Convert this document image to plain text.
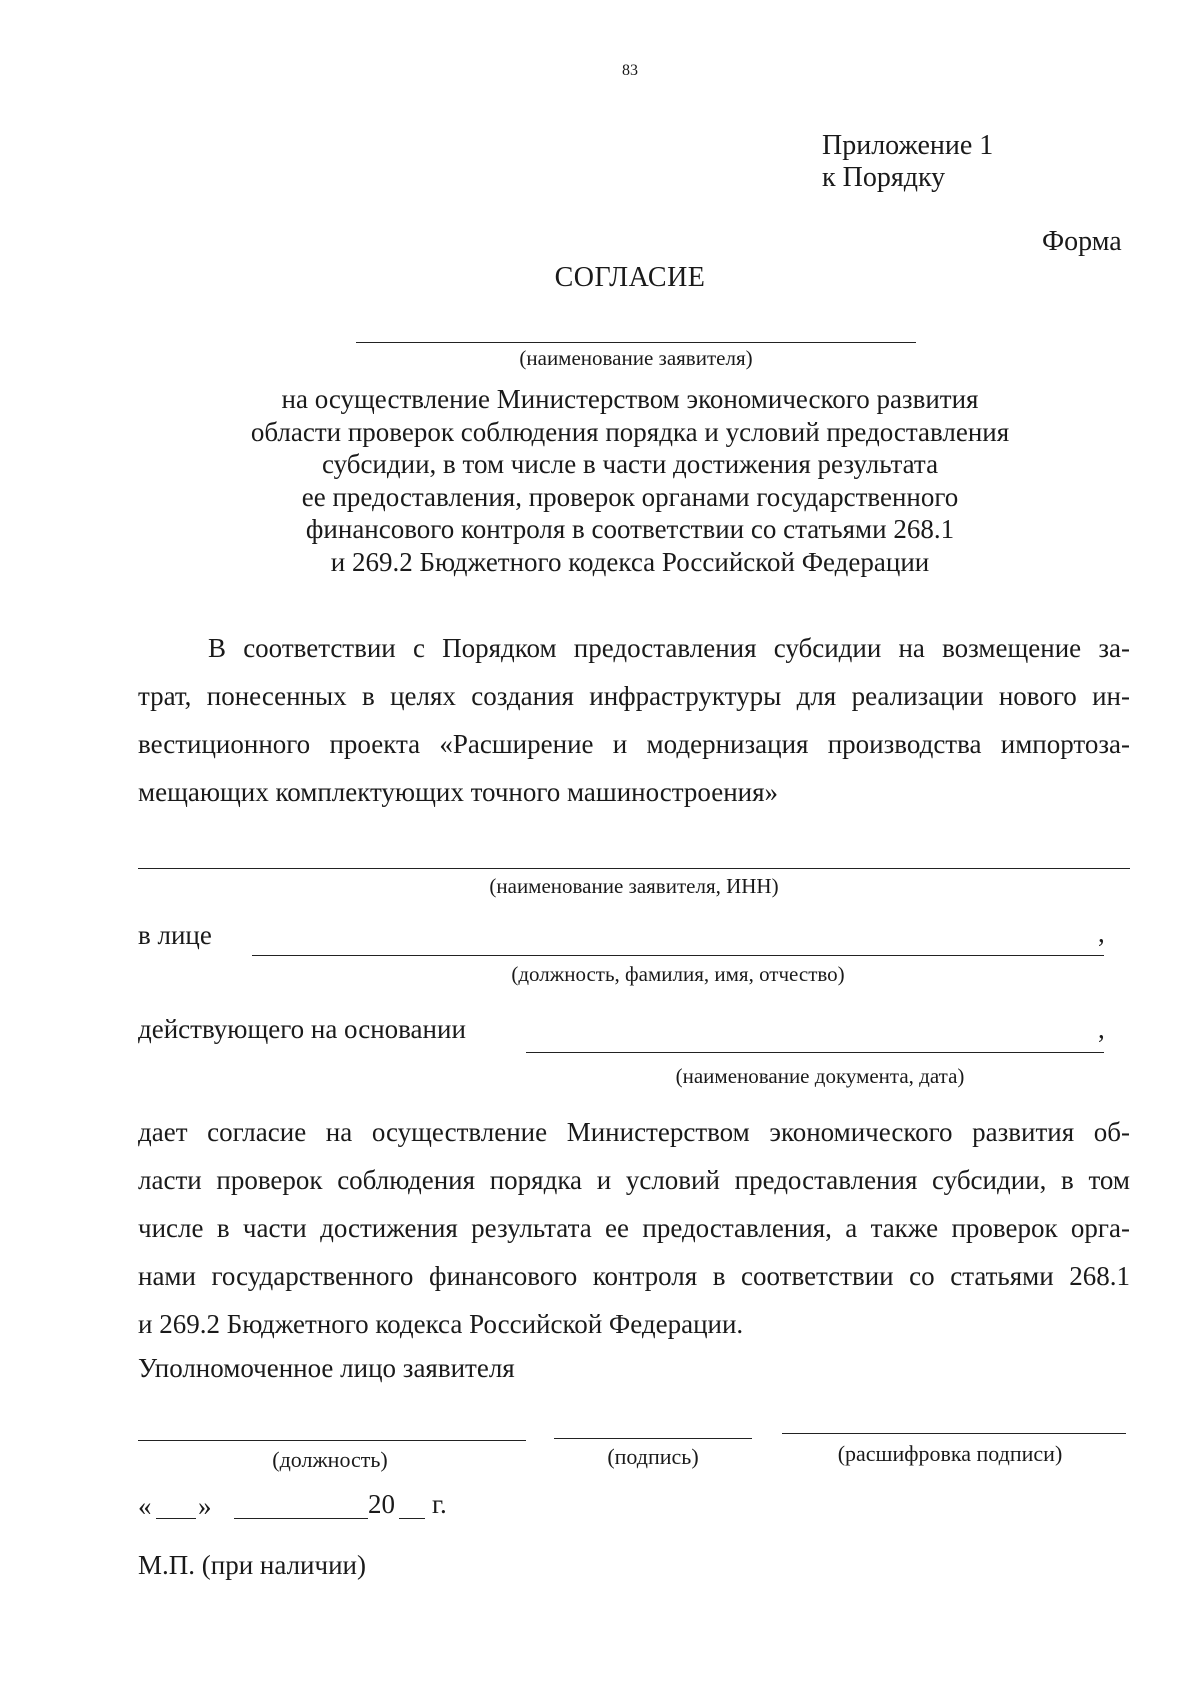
83
Приложение 1
к Порядку
Форма
СОГЛАСИЕ
(наименование заявителя)
на осуществление Министерством экономического развития
области проверок соблюдения порядка и условий предоставления
субсидии, в том числе в части достижения результата
ее предоставления, проверок органами государственного
финансового контроля в соответствии со статьями 268.1
и 269.2 Бюджетного кодекса Российской Федерации
В соответствии с Порядком предоставления субсидии на возмещение за-
трат, понесенных в целях создания инфраструктуры для реализации нового ин-
вестиционного проекта «Расширение и модернизация производства импортоза-
мещающих комплектующих точного машиностроения»
(наименование заявителя, ИНН)
в лице	,
(должность, фамилия, имя, отчество)
действующего на основании	,
(наименование документа, дата)
дает согласие на осуществление Министерством экономического развития об-
ласти проверок соблюдения порядка и условий предоставления субсидии, в том
числе в части достижения результата ее предоставления, а также проверок орга-
нами государственного финансового контроля в соответствии со статьями 268.1
и 269.2 Бюджетного кодекса Российской Федерации.
Уполномоченное лицо заявителя
(должность)	(подпись)	(расшифровка подписи)
« »	20 г.
М.П. (при наличии)
